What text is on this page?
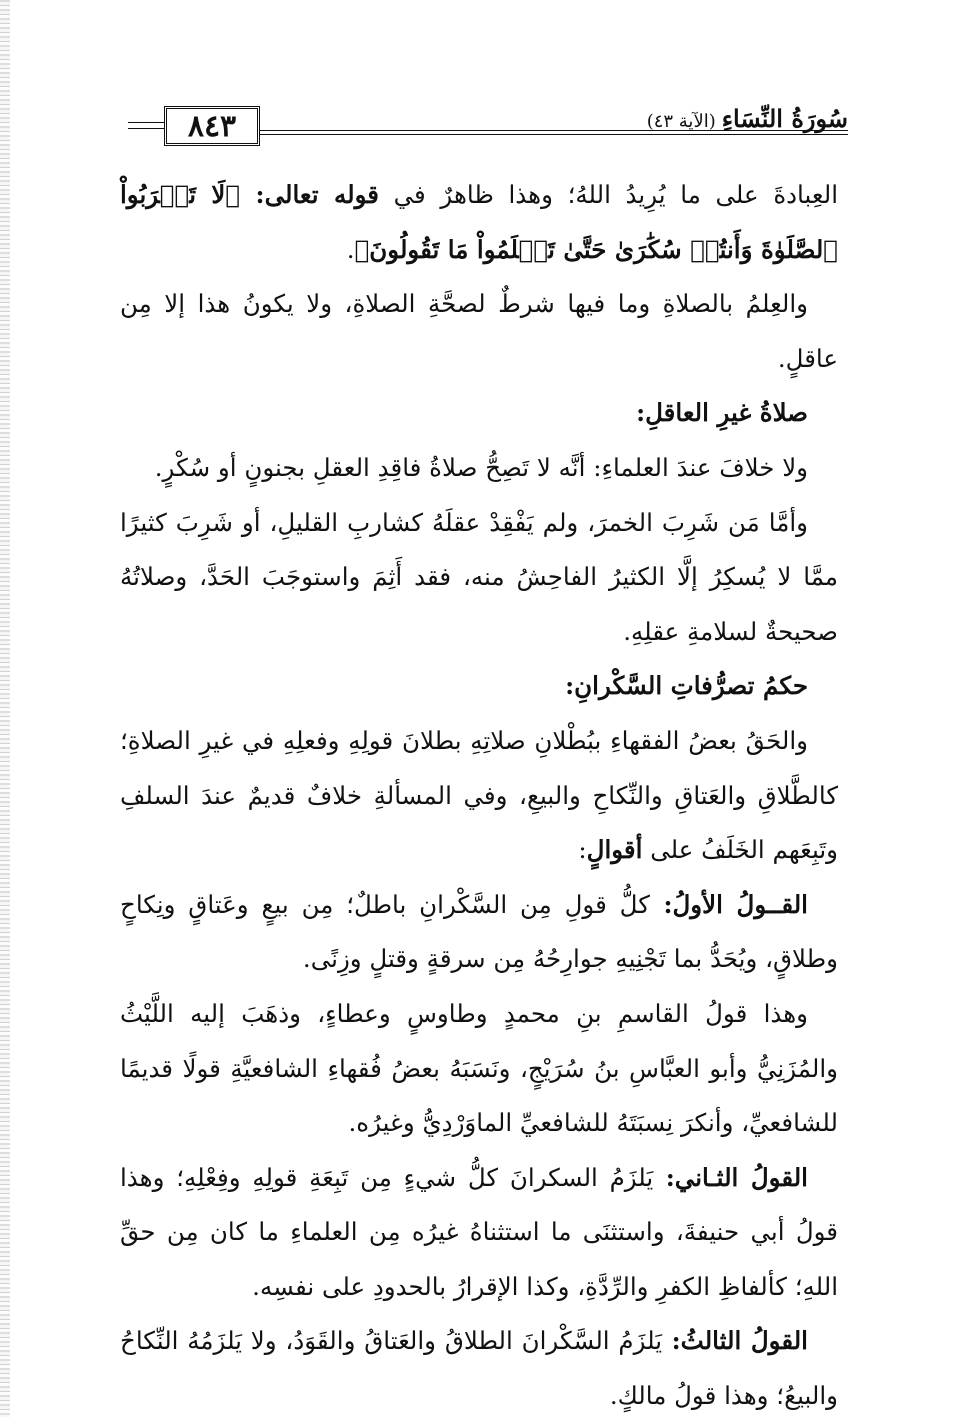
٨٤٣	سُورَةُ النِّسَاءِ(الآية ٤٣)

العِبادةَ على ما يُرِيدُ اللهُ؛ وهذا ظاهرٌ في قوله تعالى: ﴿لَا تَقۡرَبُواْ ٱلصَّلَوٰةَ وَأَنتُمۡ سُكَٰرَىٰ حَتَّىٰ تَعۡلَمُواْ مَا تَقُولُونَ﴾.

والعِلمُ بالصلاةِ وما فيها شرطٌ لصحَّةِ الصلاةِ، ولا يكونُ هذا إلا مِن عاقلٍ.

صلاةُ غيرِ العاقلِ:

ولا خلافَ عندَ العلماءِ: أنَّه لا تَصِحُّ صلاةُ فاقِدِ العقلِ بجنونٍ أو سُكْرٍ.

وأمَّا مَن شَرِبَ الخمرَ، ولم يَفْقِدْ عقلَهُ كشاربِ القليلِ، أو شَرِبَ كثيرًا ممَّا لا يُسكِرُ إلَّا الكثيرُ الفاحِشُ منه، فقد أَثِمَ واستوجَبَ الحَدَّ، وصلاتُهُ صحيحةٌ لسلامةِ عقلِهِ.

حكمُ تصرُّفاتِ السَّكْرانِ:

والحَقُ بعضُ الفقهاءِ ببُطْلانِ صلاتِهِ بطلانَ قولِهِ وفعلِهِ في غيرِ الصلاةِ؛ كالطَّلاقِ والعَتاقِ والنِّكاحِ والبيعِ، وفي المسألةِ خلافٌ قديمٌ عندَ السلفِ وتَبِعَهم الخَلَفُ على أقوالٍ:

القــولُ الأولُ: كلُّ قولِ مِن السَّكْرانِ باطلٌ؛ مِن بيعٍ وعَتاقٍ ونِكاحٍ وطلاقٍ، ويُحَدُّ بما تَجْنِيهِ جوارِحُهُ مِن سرقةٍ وقتلٍ وزِنًى.

وهذا قولُ القاسمِ بنِ محمدٍ وطاوسٍ وعطاءٍ، وذهَبَ إليه اللَّيْثُ والمُزَنِيُّ وأبو العبَّاسِ بنُ سُرَيْجٍ، ونَسَبَهُ بعضُ فُقهاءِ الشافعيَّةِ قولًا قديمًا للشافعيِّ، وأنكرَ نِسبَتَهُ للشافعيِّ الماوَرْدِيُّ وغيرُه.

القولُ الثـاني: يَلزَمُ السكرانَ كلُّ شيءٍ مِن تَبِعَةِ قولِهِ وفِعْلِهِ؛ وهذا قولُ أبي حنيفةَ، واستثنَى ما استثناهُ غيرُه مِن العلماءِ ما كان مِن حقِّ اللهِ؛ كألفاظِ الكفرِ والرِّدَّةِ، وكذا الإقرارُ بالحدودِ على نفسِه.

القولُ الثالثُ: يَلزَمُ السَّكْرانَ الطلاقُ والعَتاقُ والقَوَدُ، ولا يَلزَمُهُ النِّكاحُ والبيعُ؛ وهذا قولُ مالكٍ.
